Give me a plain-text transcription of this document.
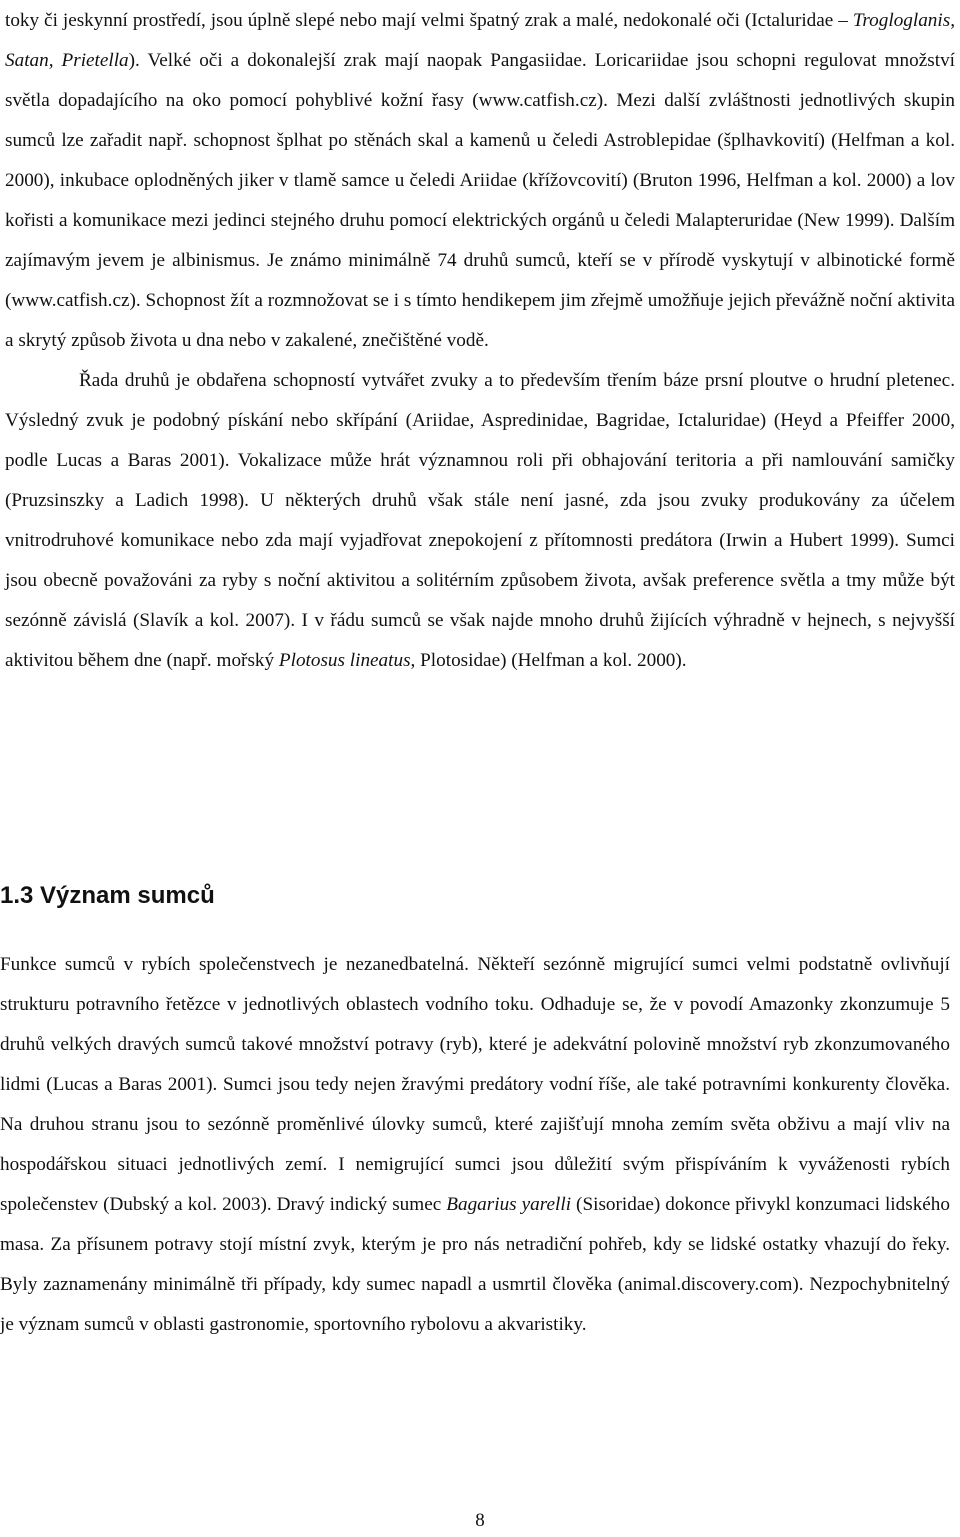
toky či jeskynní prostředí, jsou úplně slepé nebo mají velmi špatný zrak a malé, nedokonalé oči (Ictaluridae – Trogloglanis, Satan, Prietella). Velké oči a dokonalejší zrak mají naopak Pangasiidae. Loricariidae jsou schopni regulovat množství světla dopadajícího na oko pomocí pohyblivé kožní řasy (www.catfish.cz). Mezi další zvláštnosti jednotlivých skupin sumců lze zařadit např. schopnost šplhat po stěnách skal a kamenů u čeledi Astroblepidae (šplhavkovití) (Helfman a kol. 2000), inkubace oplodněných jiker v tlamě samce u čeledi Ariidae (křížovcovití) (Bruton 1996, Helfman a kol. 2000) a lov kořisti a komunikace mezi jedinci stejného druhu pomocí elektrických orgánů u čeledi Malapteruridae (New 1999). Dalším zajímavým jevem je albinismus. Je známo minimálně 74 druhů sumců, kteří se v přírodě vyskytují v albinotické formě (www.catfish.cz). Schopnost žít a rozmnožovat se i s tímto hendikepem jim zřejmě umožňuje jejich převážně noční aktivita a skrytý způsob života u dna nebo v zakalené, znečištěné vodě.

Řada druhů je obdařena schopností vytvářet zvuky a to především třením báze prsní ploutve o hrudní pletenec. Výsledný zvuk je podobný pískání nebo skřípání (Ariidae, Aspredinidae, Bagridae, Ictaluridae) (Heyd a Pfeiffer 2000, podle Lucas a Baras 2001). Vokalizace může hrát významnou roli při obhajování teritoria a při namlouvání samičky (Pruzsinszky a Ladich 1998). U některých druhů však stále není jasné, zda jsou zvuky produkovány za účelem vnitrodruhové komunikace nebo zda mají vyjadřovat znepokojení z přítomnosti predátora (Irwin a Hubert 1999). Sumci jsou obecně považováni za ryby s noční aktivitou a solitérním způsobem života, avšak preference světla a tmy může být sezónně závislá (Slavík a kol. 2007). I v řádu sumců se však najde mnoho druhů žijících výhradně v hejnech, s nejvyšší aktivitou během dne (např. mořský Plotosus lineatus, Plotosidae) (Helfman a kol. 2000).

1.3 Význam sumců

Funkce sumců v rybích společenstvech je nezanedbatelná. Někteří sezónně migrující sumci velmi podstatně ovlivňují strukturu potravního řetězce v jednotlivých oblastech vodního toku. Odhaduje se, že v povodí Amazonky zkonzumuje 5 druhů velkých dravých sumců takové množství potravy (ryb), které je adekvátní polovině množství ryb zkonzumovaného lidmi (Lucas a Baras 2001). Sumci jsou tedy nejen žravými predátory vodní říše, ale také potravními konkurenty člověka. Na druhou stranu jsou to sezónně proměnlivé úlovky sumců, které zajišťují mnoha zemím světa obživu a mají vliv na hospodářskou situaci jednotlivých zemí. I nemigrující sumci jsou důležití svým přispíváním k vyváženosti rybích společenstev (Dubský a kol. 2003). Dravý indický sumec Bagarius yarelli (Sisoridae) dokonce přivykl konzumaci lidského masa. Za přísunem potravy stojí místní zvyk, kterým je pro nás netradiční pohřeb, kdy se lidské ostatky vhazují do řeky. Byly zaznamenány minimálně tři případy, kdy sumec napadl a usmrtil člověka (animal.discovery.com). Nezpochybnitelný je význam sumců v oblasti gastronomie, sportovního rybolovu a akvaristiky.

8
